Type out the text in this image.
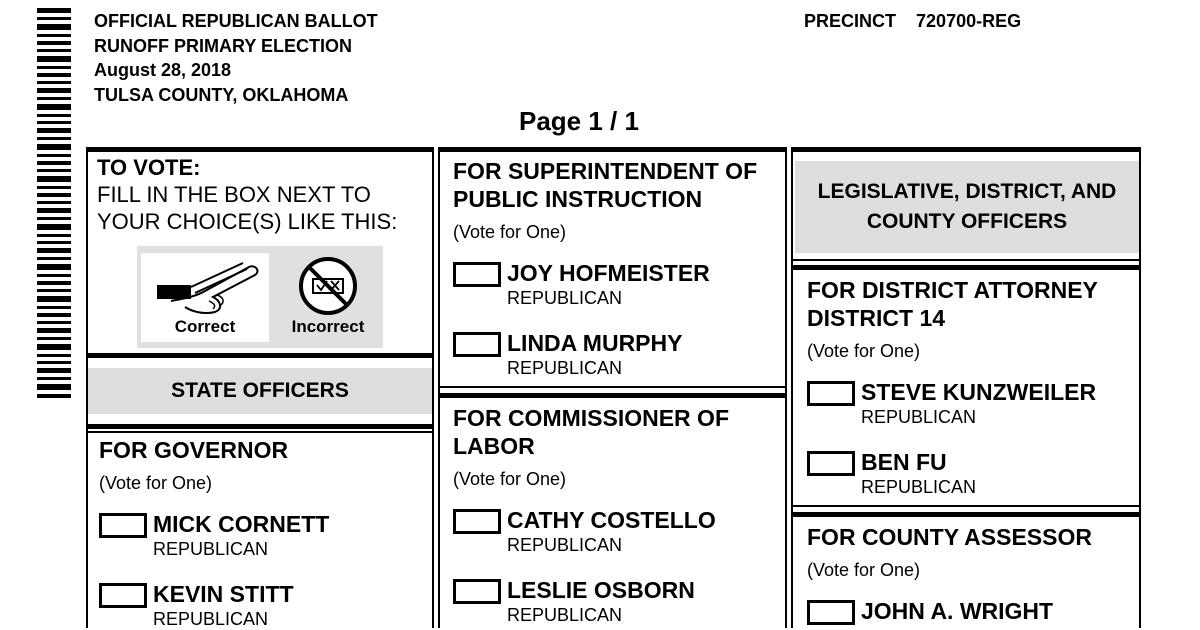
OFFICIAL REPUBLICAN BALLOT
RUNOFF PRIMARY ELECTION
August 28, 2018
TULSA COUNTY, OKLAHOMA
PRECINCT 720700-REG
Page 1 / 1
TO VOTE:
FILL IN THE BOX NEXT TO
YOUR CHOICE(S) LIKE THIS:
Correct	Incorrect
STATE OFFICERS
FOR GOVERNOR
(Vote for One)
MICK CORNETT
REPUBLICAN
KEVIN STITT
REPUBLICAN
FOR SUPERINTENDENT OF
PUBLIC INSTRUCTION
(Vote for One)
JOY HOFMEISTER
REPUBLICAN
LINDA MURPHY
REPUBLICAN
FOR COMMISSIONER OF
LABOR
(Vote for One)
CATHY COSTELLO
REPUBLICAN
LESLIE OSBORN
REPUBLICAN
LEGISLATIVE, DISTRICT, AND
COUNTY OFFICERS
FOR DISTRICT ATTORNEY
DISTRICT 14
(Vote for One)
STEVE KUNZWEILER
REPUBLICAN
BEN FU
REPUBLICAN
FOR COUNTY ASSESSOR
(Vote for One)
JOHN A. WRIGHT
